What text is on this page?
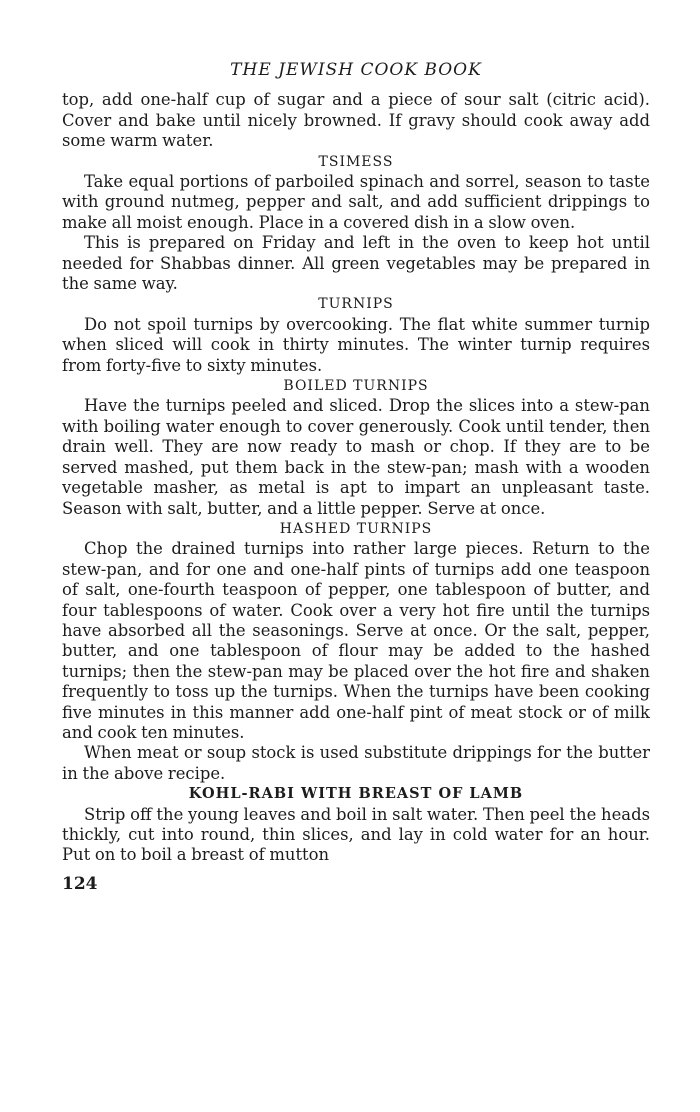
THE JEWISH COOK BOOK

top, add one-half cup of sugar and a piece of sour salt (citric acid). Cover and bake until nicely browned. If gravy should cook away add some warm water.

TSIMESS

Take equal portions of parboiled spinach and sorrel, season to taste with ground nutmeg, pepper and salt, and add sufficient drippings to make all moist enough. Place in a covered dish in a slow oven.

This is prepared on Friday and left in the oven to keep hot until needed for Shabbas dinner. All green vegetables may be prepared in the same way.

TURNIPS

Do not spoil turnips by overcooking. The flat white summer turnip when sliced will cook in thirty minutes. The winter turnip requires from forty-five to sixty minutes.

BOILED TURNIPS

Have the turnips peeled and sliced. Drop the slices into a stew-pan with boiling water enough to cover generously. Cook until tender, then drain well. They are now ready to mash or chop. If they are to be served mashed, put them back in the stew-pan; mash with a wooden vegetable masher, as metal is apt to impart an unpleasant taste. Season with salt, butter, and a little pepper. Serve at once.

HASHED TURNIPS

Chop the drained turnips into rather large pieces. Return to the stew-pan, and for one and one-half pints of turnips add one teaspoon of salt, one-fourth teaspoon of pepper, one tablespoon of butter, and four tablespoons of water. Cook over a very hot fire until the turnips have absorbed all the seasonings. Serve at once. Or the salt, pepper, butter, and one tablespoon of flour may be added to the hashed turnips; then the stew-pan may be placed over the hot fire and shaken frequently to toss up the turnips. When the turnips have been cooking five minutes in this manner add one-half pint of meat stock or of milk and cook ten minutes.

When meat or soup stock is used substitute drippings for the butter in the above recipe.

KOHL-RABI WITH BREAST OF LAMB

Strip off the young leaves and boil in salt water. Then peel the heads thickly, cut into round, thin slices, and lay in cold water for an hour. Put on to boil a breast of mutton

124
